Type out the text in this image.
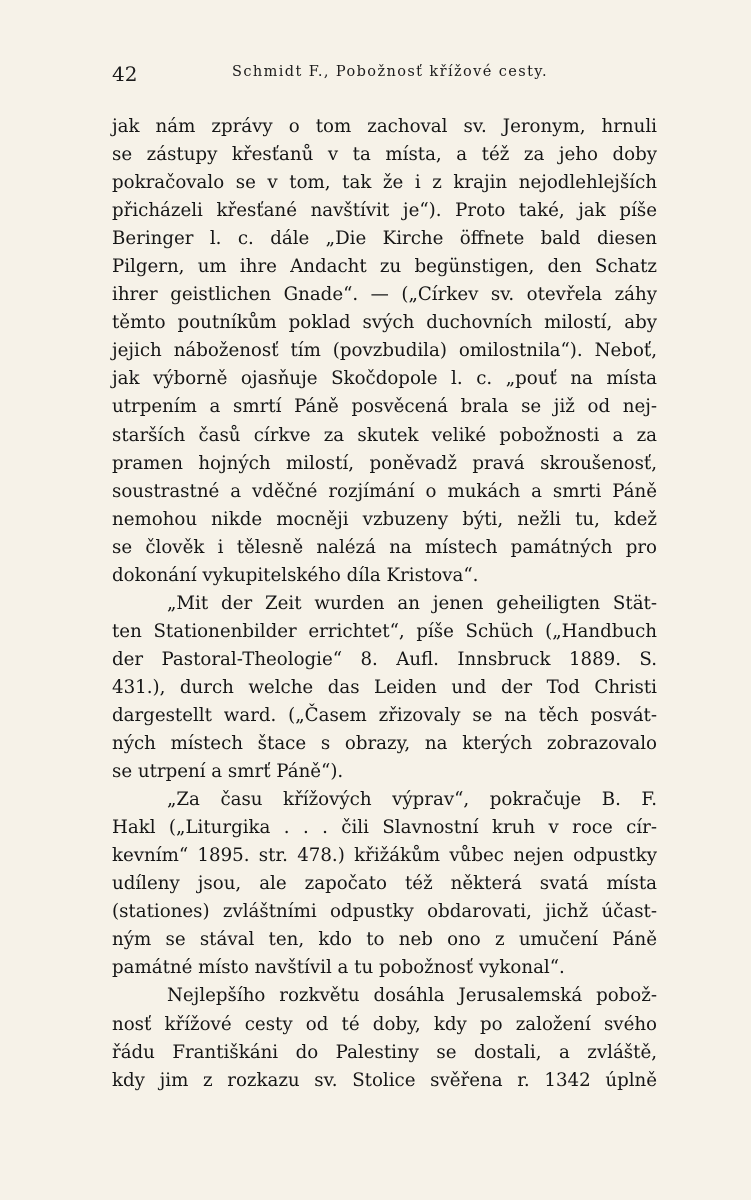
42	Schmidt F., Pobožnosť křížové cesty.
jak nám zprávy o tom zachoval sv. Jeronym, hrnuli
se zástupy křesťanů v ta místa, a též za jeho doby
pokračovalo se v tom, tak že i z krajin nejodlehlejších
přicházeli křesťané navštívit je“). Proto také, jak píše
Beringer l. c. dále „Die Kirche öffnete bald diesen
Pilgern, um ihre Andacht zu begünstigen, den Schatz
ihrer geistlichen Gnade“. — („Církev sv. otevřela záhy
těmto poutníkům poklad svých duchovních milostí, aby
jejich náboženosť tím (povzbudila) omilostnila“). Neboť,
jak výborně ojasňuje Skočdopole l. c. „pouť na místa
utrpením a smrtí Páně posvěcená brala se již od nej-
starších časů církve za skutek veliké pobožnosti a za
pramen hojných milostí, poněvadž pravá skroušenosť,
soustrastné a vděčné rozjímání o mukách a smrti Páně
nemohou nikde mocněji vzbuzeny býti, nežli tu, kdež
se člověk i tělesně nalézá na místech památných pro
dokonání vykupitelského díla Kristova“.
„Mit der Zeit wurden an jenen geheiligten Stät-
ten Stationenbilder errichtet“, píše Schüch („Handbuch
der Pastoral-Theologie“ 8. Aufl. Innsbruck 1889. S.
431.), durch welche das Leiden und der Tod Christi
dargestellt ward. („Časem zřizovaly se na těch posvát-
ných místech štace s obrazy, na kterých zobrazovalo
se utrpení a smrť Páně“).
„Za času křížových výprav“, pokračuje B. F.
Hakl („Liturgika . . . čili Slavnostní kruh v roce cír-
kevním“ 1895. str. 478.) křižákům vůbec nejen odpustky
udíleny jsou, ale započato též některá svatá místa
(stationes) zvláštními odpustky obdarovati, jichž účast-
ným se stával ten, kdo to neb ono z umučení Páně
památné místo navštívil a tu pobožnosť vykonal“.
Nejlepšího rozkvětu dosáhla Jerusalemská pobož-
nosť křížové cesty od té doby, kdy po založení svého
řádu Františkáni do Palestiny se dostali, a zvláště,
kdy jim z rozkazu sv. Stolice svěřena r. 1342 úplně
